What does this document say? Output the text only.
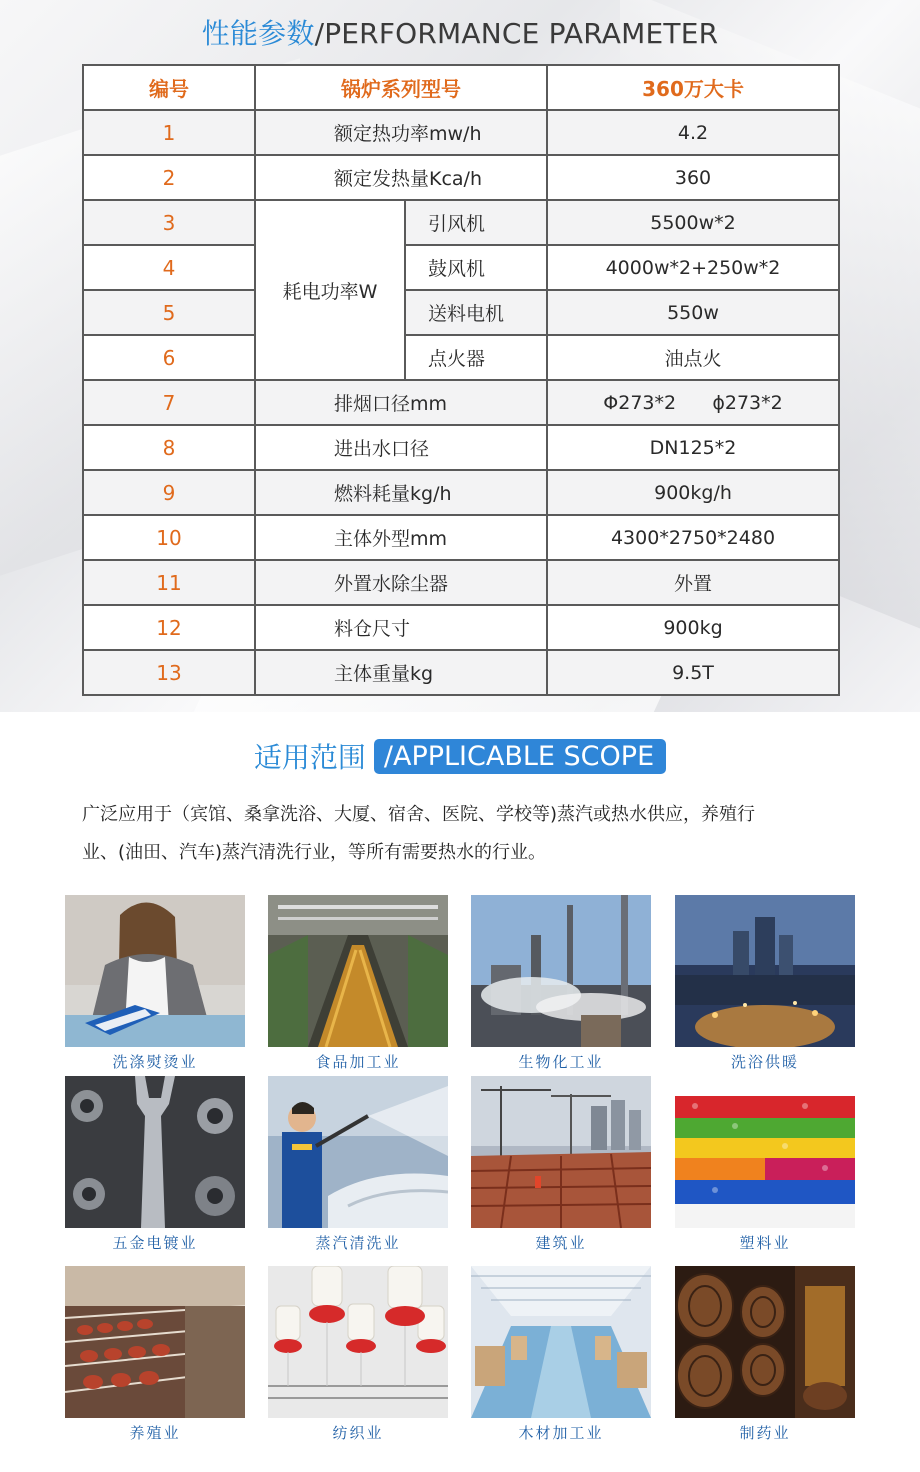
性能参数/PERFORMANCE PARAMETER
编号	锅炉系列型号		360万大卡
1	额定热功率mw/h		4.2
2	额定发热量Kca/h		360
3	耗电功率W	引风机	5500w*2
4		鼓风机	4000w*2+250w*2
5		送料电机	550w
6		点火器	油点火
7	排烟口径mm		Φ273*2      ϕ273*2
8	进出水口径		DN125*2
9	燃料耗量kg/h		900kg/h
10	主体外型mm		4300*2750*2480
11	外置水除尘器		外置
12	料仓尺寸		900kg
13	主体重量kg		9.5T
适用范围 /APPLICABLE SCOPE
广泛应用于（宾馆、桑拿洗浴、大厦、宿舍、医院、学校等)蒸汽或热水供应，养殖行
业、(油田、汽车)蒸汽清洗行业，等所有需要热水的行业。
洗涤熨烫业	食品加工业	生物化工业	洗浴供暖
五金电镀业	蒸汽清洗业	建筑业	塑料业
养殖业	纺织业	木材加工业	制药业
